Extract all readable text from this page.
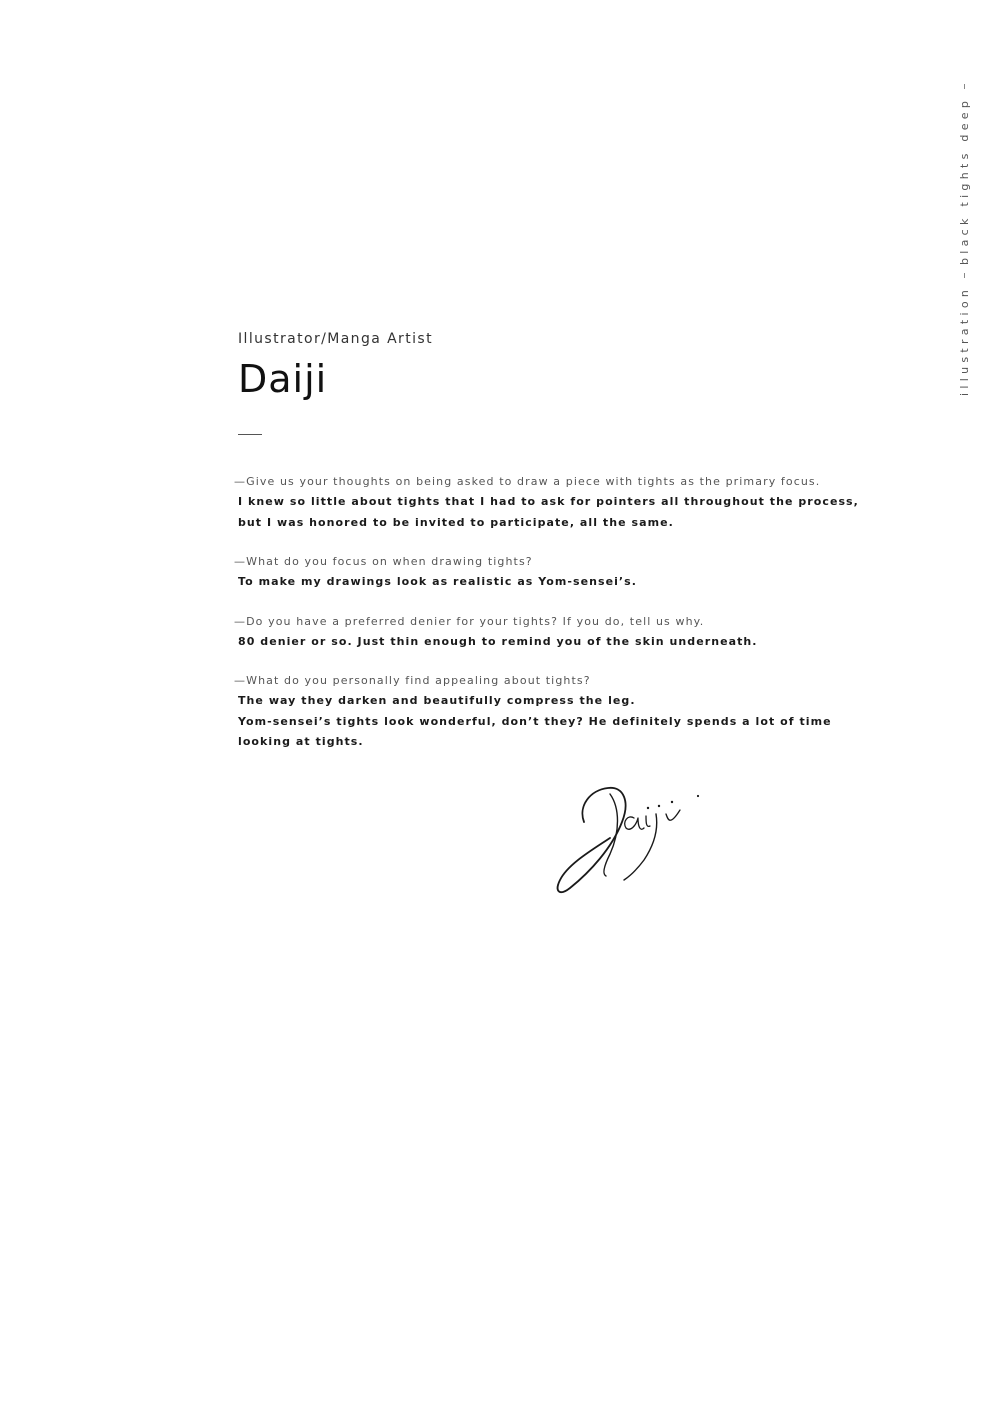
illustration
black tights deep

Illustrator/Manga Artist

Daiji
—Give us your thoughts on being asked to draw a piece with tights as the primary focus.
I knew so little about tights that I had to ask for pointers all throughout the process,
but I was honored to be invited to participate, all the same.
—What do you focus on when drawing tights?
To make my drawings look as realistic as Yom-sensei’s.
—Do you have a preferred denier for your tights? If you do, tell us why.
80 denier or so. Just thin enough to remind you of the skin underneath.
—What do you personally find appealing about tights?
The way they darken and beautifully compress the leg.
Yom-sensei’s tights look wonderful, don’t they? He definitely spends a lot of time
looking at tights.
